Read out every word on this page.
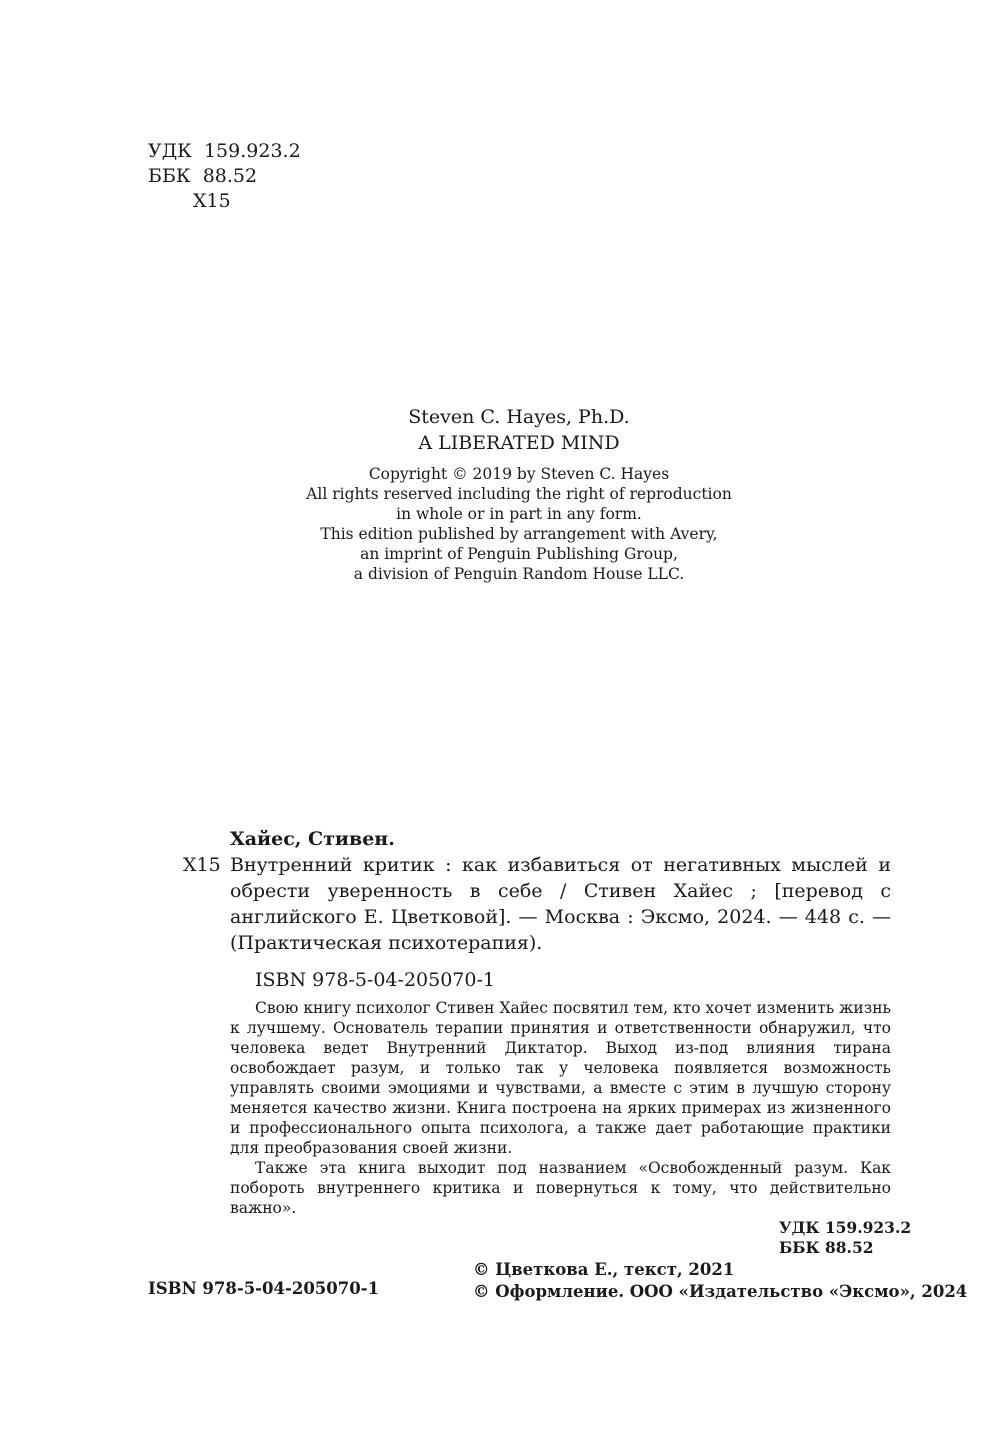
УДК  159.923.2
ББК  88.52
Х15
Steven C. Hayes, Ph.D.
A LIBERATED MIND
Copyright © 2019 by Steven C. Hayes
All rights reserved including the right of reproduction
in whole or in part in any form.
This edition published by arrangement with Avery,
an imprint of Penguin Publishing Group,
a division of Penguin Random House LLC.
Хайес, Стивен.
Х15 Внутренний критик : как избавиться от негативных мыслей и обрести уверенность в себе / Стивен Хайес ; [перевод с английского Е. Цветковой]. — Москва : Эксмо, 2024. — 448 с. — (Практическая психотерапия).
ISBN 978-5-04-205070-1

Свою книгу психолог Стивен Хайес посвятил тем, кто хочет изменить жизнь к лучшему. Основатель терапии принятия и ответственности обнаружил, что человека ведет Внутренний Диктатор. Выход из-под влияния тирана освобождает разум, и только так у человека появляется возможность управлять своими эмоциями и чувствами, а вместе с этим в лучшую сторону меняется качество жизни. Книга построена на ярких примерах из жизненного и профессионального опыта психолога, а также дает работающие практики для преобразования своей жизни.

Также эта книга выходит под названием «Освобожденный разум. Как побороть внутреннего критика и повернуться к тому, что действительно важно».

УДК 159.923.2
ББК 88.52
ISBN 978-5-04-205070-1
© Цветкова Е., текст, 2021
© Оформление. ООО «Издательство «Эксмо», 2024
